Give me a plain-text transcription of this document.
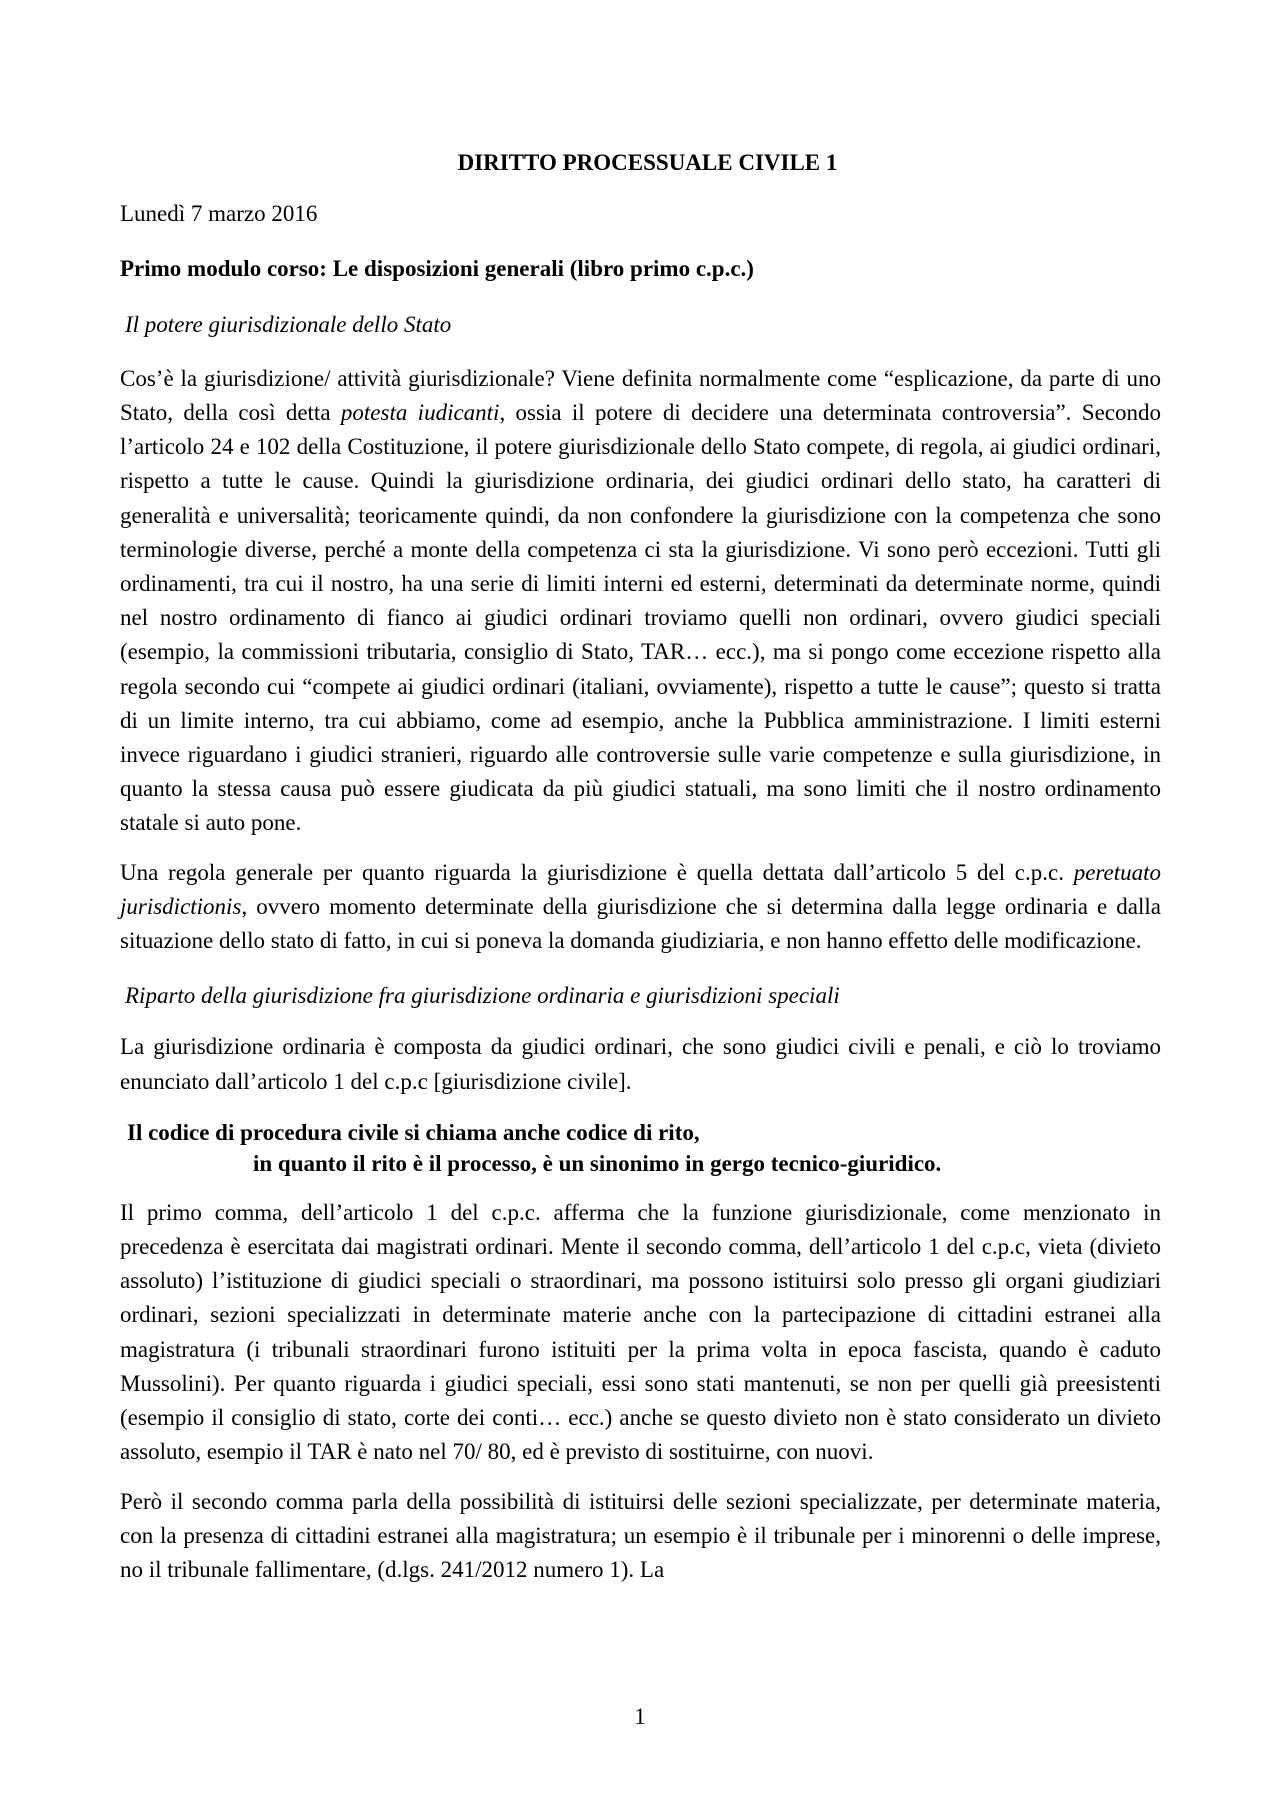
DIRITTO PROCESSUALE CIVILE 1

Lunedì 7 marzo 2016

Primo modulo corso: Le disposizioni generali (libro primo c.p.c.)

Il potere giurisdizionale dello Stato

Cos’è la giurisdizione/ attività giurisdizionale? Viene definita normalmente come “esplicazione, da parte di uno Stato, della così detta potesta iudicanti, ossia il potere di decidere una determinata controversia”. Secondo l’articolo 24 e 102 della Costituzione, il potere giurisdizionale dello Stato compete, di regola, ai giudici ordinari, rispetto a tutte le cause. Quindi la giurisdizione ordinaria, dei giudici ordinari dello stato, ha caratteri di generalità e universalità; teoricamente quindi, da non confondere la giurisdizione con la competenza che sono terminologie diverse, perché a monte della competenza ci sta la giurisdizione. Vi sono però eccezioni. Tutti gli ordinamenti, tra cui il nostro, ha una serie di limiti interni ed esterni, determinati da determinate norme, quindi nel nostro ordinamento di fianco ai giudici ordinari troviamo quelli non ordinari, ovvero giudici speciali (esempio, la commissioni tributaria, consiglio di Stato, TAR… ecc.), ma si pongo come eccezione rispetto alla regola secondo cui “compete ai giudici ordinari (italiani, ovviamente), rispetto a tutte le cause”; questo si tratta di un limite interno, tra cui abbiamo, come ad esempio, anche la Pubblica amministrazione. I limiti esterni invece riguardano i giudici stranieri, riguardo alle controversie sulle varie competenze e sulla giurisdizione, in quanto la stessa causa può essere giudicata da più giudici statuali, ma sono limiti che il nostro ordinamento statale si auto pone.

Una regola generale per quanto riguarda la giurisdizione è quella dettata dall’articolo 5 del c.p.c. peretuato jurisdictionis, ovvero momento determinate della giurisdizione che si determina dalla legge ordinaria e dalla situazione dello stato di fatto, in cui si poneva la domanda giudiziaria, e non hanno effetto delle modificazione.

Riparto della giurisdizione fra giurisdizione ordinaria e giurisdizioni speciali

La giurisdizione ordinaria è composta da giudici ordinari, che sono giudici civili e penali, e ciò lo troviamo enunciato dall’articolo 1 del c.p.c [giurisdizione civile].

Il codice di procedura civile si chiama anche codice di rito,
in quanto il rito è il processo, è un sinonimo in gergo tecnico-giuridico.

Il primo comma, dell’articolo 1 del c.p.c. afferma che la funzione giurisdizionale, come menzionato in precedenza è esercitata dai magistrati ordinari. Mente il secondo comma, dell’articolo 1 del c.p.c, vieta (divieto assoluto) l’istituzione di giudici speciali o straordinari, ma possono istituirsi solo presso gli organi giudiziari ordinari, sezioni specializzati in determinate materie anche con la partecipazione di cittadini estranei alla magistratura (i tribunali straordinari furono istituiti per la prima volta in epoca fascista, quando è caduto Mussolini). Per quanto riguarda i giudici speciali, essi sono stati mantenuti, se non per quelli già preesistenti (esempio il consiglio di stato, corte dei conti… ecc.) anche se questo divieto non è stato considerato un divieto assoluto, esempio il TAR è nato nel 70/ 80, ed è previsto di sostituirne, con nuovi.

Però il secondo comma parla della possibilità di istituirsi delle sezioni specializzate, per determinate materia, con la presenza di cittadini estranei alla magistratura; un esempio è il tribunale per i minorenni o delle imprese, no il tribunale fallimentare, (d.lgs. 241/2012 numero 1). La

1
